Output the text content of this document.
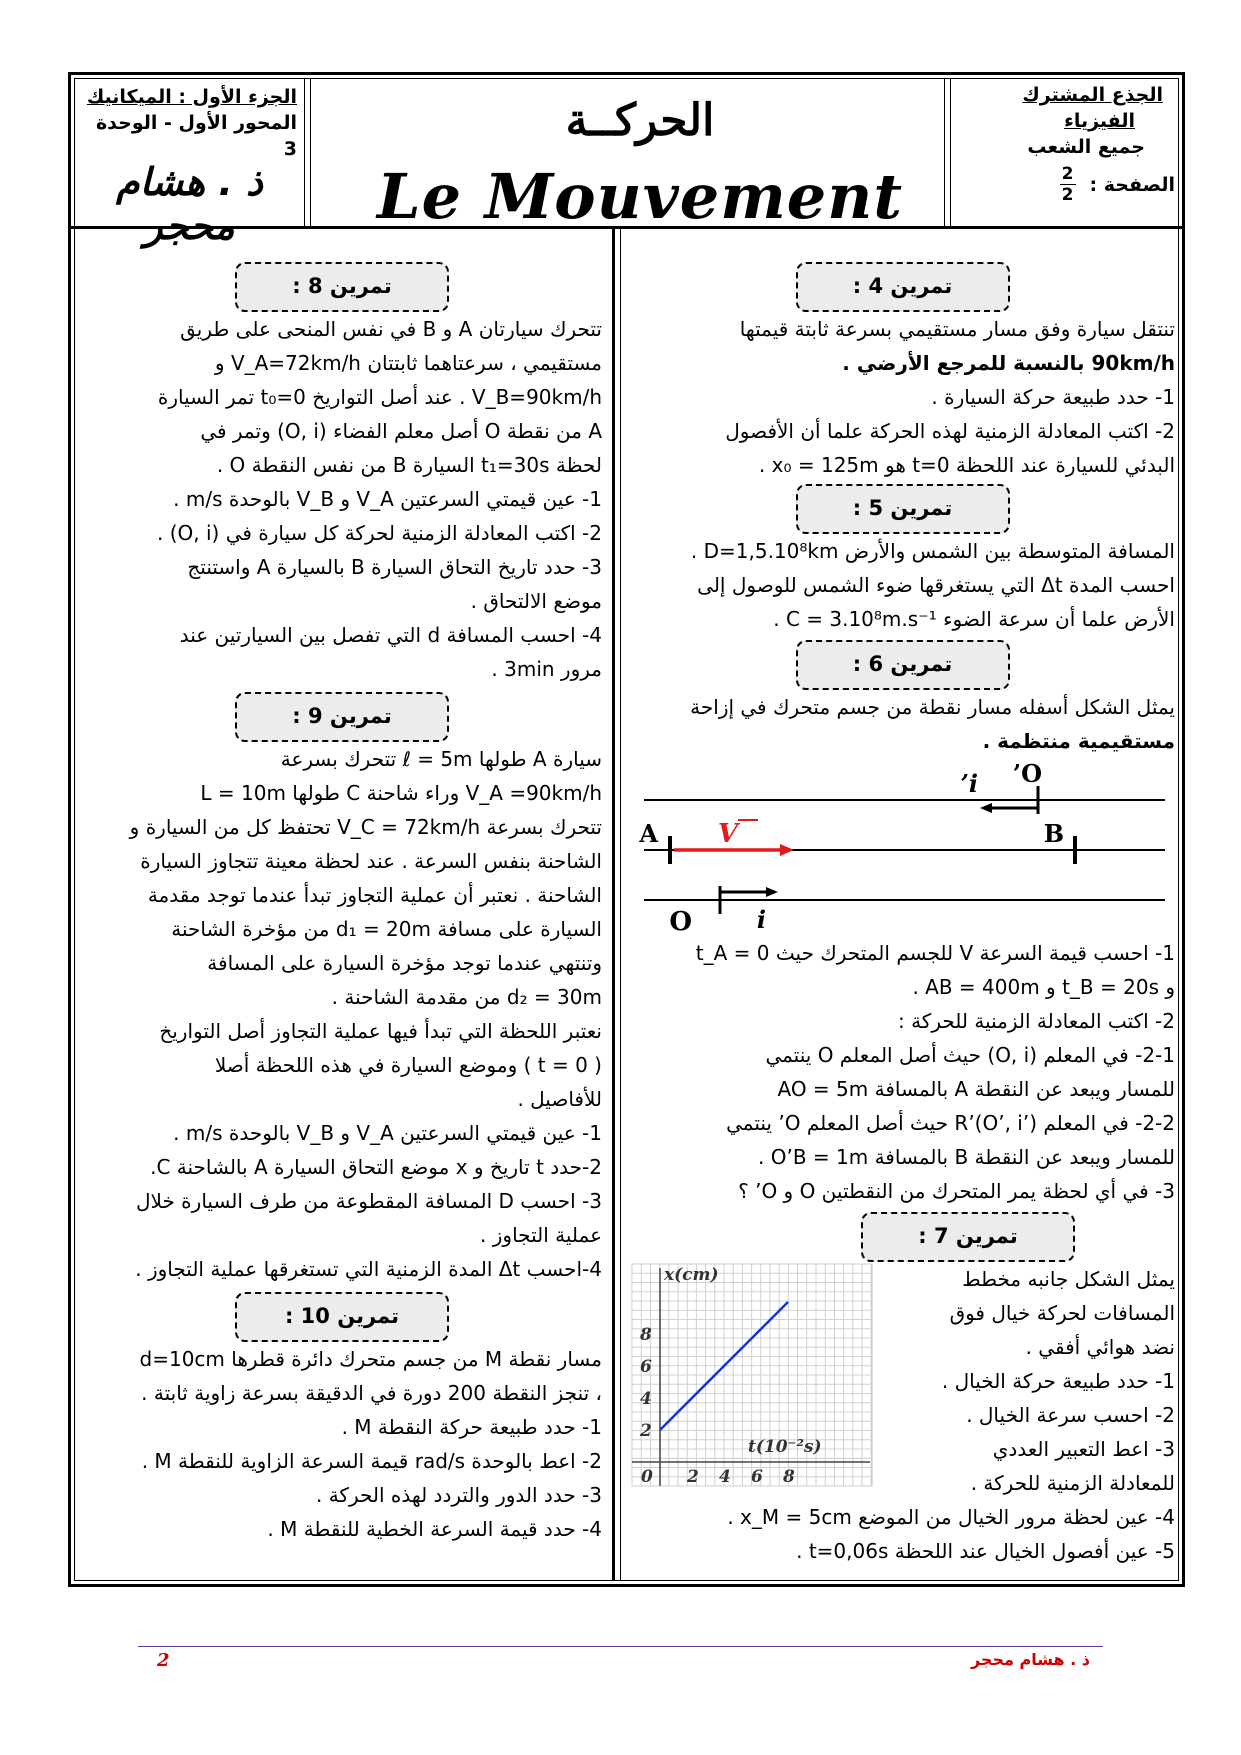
الجذع المشترك
الفيزياء
جميع الشعب
الصفحة :
2
2
الحركــة
Le Mouvement
الجزء الأول : الميكانيك
المحور الأول - الوحدة 3
ذ . هشام محجر
تمرين 4 :

تنتقل سيارة وفق مسار مستقيمي بسرعة ثابتة قيمتها

90km/h بالنسبة للمرجع الأرضي .

1- حدد طبيعة حركة السيارة .

2- اكتب المعادلة الزمنية لهذه الحركة علما أن الأفصول

البدئي للسيارة عند اللحظة t=0 هو x₀ = 125m .

تمرين 5 :

المسافة المتوسطة بين الشمس والأرض D=1,5.10⁸km .

احسب المدة Δt التي يستغرقها ضوء الشمس للوصول إلى

الأرض علما أن سرعة الضوء C = 3.10⁸m.s⁻¹ .

تمرين 6 :

يمثل الشكل أسفله مسار نقطة من جسم متحرك في إزاحة

مستقيمية منتظمة .

A	B
V
O’
i’
O	i

1- احسب قيمة السرعة V للجسم المتحرك حيث t_A = 0

و t_B = 20s و AB = 400m .

2- اكتب المعادلة الزمنية للحركة :

2-1- في المعلم (O, i) حيث أصل المعلم O ينتمي

للمسار ويبعد عن النقطة A بالمسافة AO = 5m

2-2- في المعلم R’(O’, i’) حيث أصل المعلم O’ ينتمي

للمسار ويبعد عن النقطة B بالمسافة O’B = 1m .

3- في أي لحظة يمر المتحرك من النقطتين O و O’ ؟

تمرين 7 :

يمثل الشكل جانبه مخطط

المسافات لحركة خيال فوق

نضد هوائي أفقي .

1- حدد طبيعة حركة الخيال .

2- احسب سرعة الخيال .

3- اعط التعبير العددي

للمعادلة الزمنية للحركة .

0 2 4 6 8
2
4
6
8
x(cm)
t(10⁻²s)

4- عين لحظة مرور الخيال من الموضع x_M = 5cm .

5- عين أفصول الخيال عند اللحظة t=0,06s .

تمرين 8 :

تتحرك سيارتان A و B في نفس المنحى على طريق

مستقيمي ، سرعتاهما ثابتتان V_A=72km/h و

V_B=90km/h . عند أصل التواريخ t₀=0 تمر السيارة

A من نقطة O أصل معلم الفضاء (O, i) وتمر في

لحظة t₁=30s السيارة B من نفس النقطة O .

1- عين قيمتي السرعتين V_A و V_B بالوحدة m/s .

2- اكتب المعادلة الزمنية لحركة كل سيارة في (O, i) .

3- حدد تاريخ التحاق السيارة B بالسيارة A واستنتج

موضع الالتحاق .

4- احسب المسافة d التي تفصل بين السيارتين عند

مرور 3min .

تمرين 9 :

سيارة A طولها ℓ = 5m تتحرك بسرعة

V_A =90km/h وراء شاحنة C طولها L = 10m

تتحرك بسرعة V_C = 72km/h تحتفظ كل من السيارة و

الشاحنة بنفس السرعة . عند لحظة معينة تتجاوز السيارة

الشاحنة . نعتبر أن عملية التجاوز تبدأ عندما توجد مقدمة

السيارة على مسافة d₁ = 20m من مؤخرة الشاحنة

وتنتهي عندما توجد مؤخرة السيارة على المسافة

d₂ = 30m من مقدمة الشاحنة .

نعتبر اللحظة التي تبدأ فيها عملية التجاوز أصل التواريخ

( t = 0 ) وموضع السيارة في هذه اللحظة أصلا

للأفاصيل .

1- عين قيمتي السرعتين V_A و V_B بالوحدة m/s .

2-حدد t تاريخ و x موضع التحاق السيارة A بالشاحنة C.

3- احسب D المسافة المقطوعة من طرف السيارة خلال

عملية التجاوز .

4-احسب Δt المدة الزمنية التي تستغرقها عملية التجاوز .

تمرين 10 :

مسار نقطة M من جسم متحرك دائرة قطرها d=10cm

، تنجز النقطة 200 دورة في الدقيقة بسرعة زاوية ثابتة .

1- حدد طبيعة حركة النقطة M .

2- اعط بالوحدة rad/s قيمة السرعة الزاوية للنقطة M .

3- حدد الدور والتردد لهذه الحركة .

4- حدد قيمة السرعة الخطية للنقطة M .

2	ذ . هشام محجر
